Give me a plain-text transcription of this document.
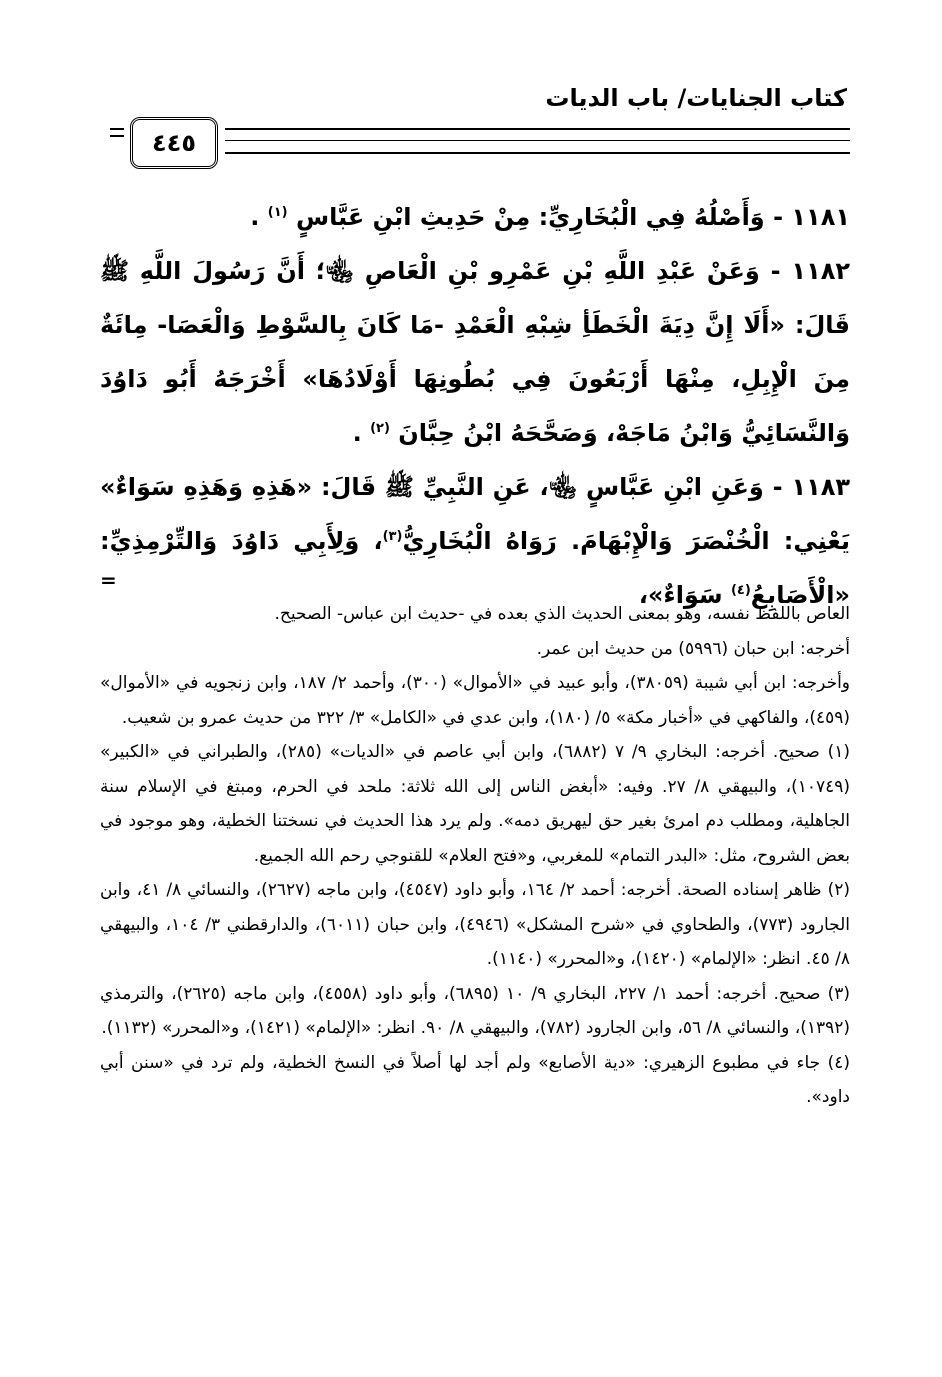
كتاب الجنايات/ باب الديات
٤٤٥

١١٨١ - وَأَصْلُهُ فِي الْبُخَارِيِّ: مِنْ حَدِيثِ ابْنِ عَبَّاسٍ $^{(١)}$ .

١١٨٢ - وَعَنْ عَبْدِ اللَّهِ بْنِ عَمْرِو بْنِ الْعَاصِ ﵄؛ أَنَّ رَسُولَ اللَّهِ ﷺ قَالَ: «أَلَا إِنَّ دِيَةَ الْخَطَأِ شِبْهِ الْعَمْدِ -مَا كَانَ بِالسَّوْطِ وَالْعَصَا- مِائَةٌ مِنَ الْإِبِلِ، مِنْهَا أَرْبَعُونَ فِي بُطُونِهَا أَوْلَادُهَا» أَخْرَجَهُ أَبُو دَاوُدَ وَالنَّسَائِيُّ وَابْنُ مَاجَهْ، وَصَحَّحَهُ ابْنُ حِبَّانَ $^{(٢)}$ .

١١٨٣ - وَعَنِ ابْنِ عَبَّاسٍ ﵄، عَنِ النَّبِيِّ ﷺ قَالَ: «هَذِهِ وَهَذِهِ سَوَاءٌ» يَعْنِي: الْخُنْصَرَ وَالْإِبْهَامَ. رَوَاهُ الْبُخَارِيُّ$^{(٣)}$، وَلِأَبِي دَاوُدَ وَالتِّرْمِذِيِّ: «الْأَصَابِعُ$^{(٤)}$ سَوَاءٌ»،

=

العاص باللفظ نفسه، وهو بمعنى الحديث الذي بعده في -حديث ابن عباس- الصحيح.

أخرجه: ابن حبان (٥٩٩٦) من حديث ابن عمر.

وأخرجه: ابن أبي شيبة (٣٨٠٥٩)، وأبو عبيد في «الأموال» (٣٠٠)، وأحمد ٢/ ١٨٧، وابن زنجويه في «الأموال» (٤٥٩)، والفاكهي في «أخبار مكة» ٥/ (١٨٠)، وابن عدي في «الكامل» ٣/ ٣٢٢ من حديث عمرو بن شعيب.

(١) صحيح. أخرجه: البخاري ٩/ ٧ (٦٨٨٢)، وابن أبي عاصم في «الديات» (٢٨٥)، والطبراني في «الكبير» (١٠٧٤٩)، والبيهقي ٨/ ٢٧. وفيه: «أبغض الناس إلى الله ثلاثة: ملحد في الحرم، ومبتغ في الإسلام سنة الجاهلية، ومطلب دم امرئ بغير حق ليهريق دمه». ولم يرد هذا الحديث في نسختنا الخطية، وهو موجود في بعض الشروح، مثل: «البدر التمام» للمغربي، و«فتح العلام» للقنوجي رحم الله الجميع.

(٢) ظاهر إسناده الصحة. أخرجه: أحمد ٢/ ١٦٤، وأبو داود (٤٥٤٧)، وابن ماجه (٢٦٢٧)، والنسائي ٨/ ٤١، وابن الجارود (٧٧٣)، والطحاوي في «شرح المشكل» (٤٩٤٦)، وابن حبان (٦٠١١)، والدارقطني ٣/ ١٠٤، والبيهقي ٨/ ٤٥. انظر: «الإلمام» (١٤٢٠)، و«المحرر» (١١٤٠).

(٣) صحيح. أخرجه: أحمد ١/ ٢٢٧، البخاري ٩/ ١٠ (٦٨٩٥)، وأبو داود (٤٥٥٨)، وابن ماجه (٢٦٢٥)، والترمذي (١٣٩٢)، والنسائي ٨/ ٥٦، وابن الجارود (٧٨٢)، والبيهقي ٨/ ٩٠. انظر: «الإلمام» (١٤٢١)، و«المحرر» (١١٣٢).

(٤) جاء في مطبوع الزهيري: «دية الأصابع» ولم أجد لها أصلاً في النسخ الخطية، ولم ترد في «سنن أبي داود».
